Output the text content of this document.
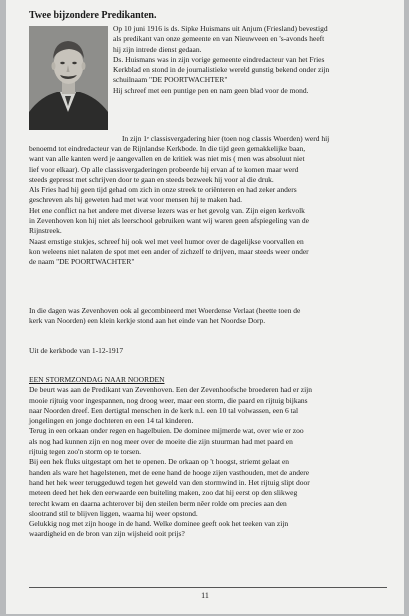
Twee bijzondere Predikanten.

Op 10 juni 1916 is ds. Sipke Huismans uit Anjum (Friesland) bevestigd

als predikant van onze gemeente en van Nieuwveen en 's-avonds heeft

hij zijn intrede dienst gedaan.

Ds. Huismans was in zijn vorige gemeente eindredacteur van het Fries

Kerkblad en stond in de journalistieke wereld gunstig bekend onder zijn

schuilnaam "DE POORTWACHTER"

Hij schreef met een puntige pen en nam geen blad voor de mond.

In zijn 1ᵉ classisvergadering hier (toen nog classis Woerden) werd hij

benoemd tot eindredacteur van de Rijnlandse Kerkbode. In die tijd geen gemakkelijke baan,

want van alle kanten werd je aangevallen en de kritiek was niet mis ( men was absoluut niet

lief voor elkaar). Op alle classisvergaderingen probeerde hij ervan af te komen maar werd

steeds gepresst met schrijven door te gaan en steeds bezweek hij voor al die druk.

Als Fries had hij geen tijd gehad om zich in onze streek te oriënteren en had zeker anders

geschreven als hij geweten had met wat voor mensen hij te maken had.

Het ene conflict na het andere met diverse lezers was er het gevolg van. Zijn eigen kerkvolk

in Zevenhoven kon hij niet als leerschool gebruiken want wij waren geen afspiegeling van de

Rijnstreek.

Naast ernstige stukjes, schreef hij ook wel met veel humor over de dagelijkse voorvallen en

kon weleens niet nalaten de spot met een ander of zichzelf te drijven, maar steeds weer onder

de naam "DE POORTWACHTER"

In die dagen was Zevenhoven ook al gecombineerd met Woerdense Verlaat (heette toen de

kerk van Noorden) een klein kerkje stond aan het einde van het Noordse Dorp.

Uit de kerkbode van 1-12-1917

EEN STORMZONDAG NAAR NOORDEN

De beurt was aan de Predikant van Zevenhoven. Een der Zevenhoofsche broederen had er zijn

mooie rijtuig voor ingespannen, nog droog weer, maar een storm, die paard en rijtuig bijkans

naar Noorden dreef. Een dertigtal menschen in de kerk n.l. een 10 tal volwassen, een 6 tal

jongelingen en jonge dochteren en een 14 tal kinderen.

Terug in een orkaan onder regen en hagelbuien. De dominee mijmerde wat, over wie er zoo

als nog had kunnen zijn en nog meer over de moeite die zijn stuurman had met paard en

rijtuig tegen zoo'n storm op te torsen.

Bij een hek fluks uitgestapt om het te openen. De orkaan op 't hoogst, striemt gelaat en

handen als ware het hagelstenen, met de eene hand de hooge zijen vasthouden, met de andere

hand het hek weer teruggeduwd tegen het geweld van den stormwind in. Het rijtuig slipt door

meteen deed het hek den eerwaarde een buiteling maken, zoo dat hij eerst op den slikweg

terecht kwam en daarna achterover bij den steilen berm nêer rolde om precies aan den

slootrand stil te blijven liggen, waarna hij weer opstond.

Gelukkig nog met zijn hooge in de hand. Welke dominee geeft ook het teeken van zijn

waardigheid en de bron van zijn wijsheid ooit prijs?

11
